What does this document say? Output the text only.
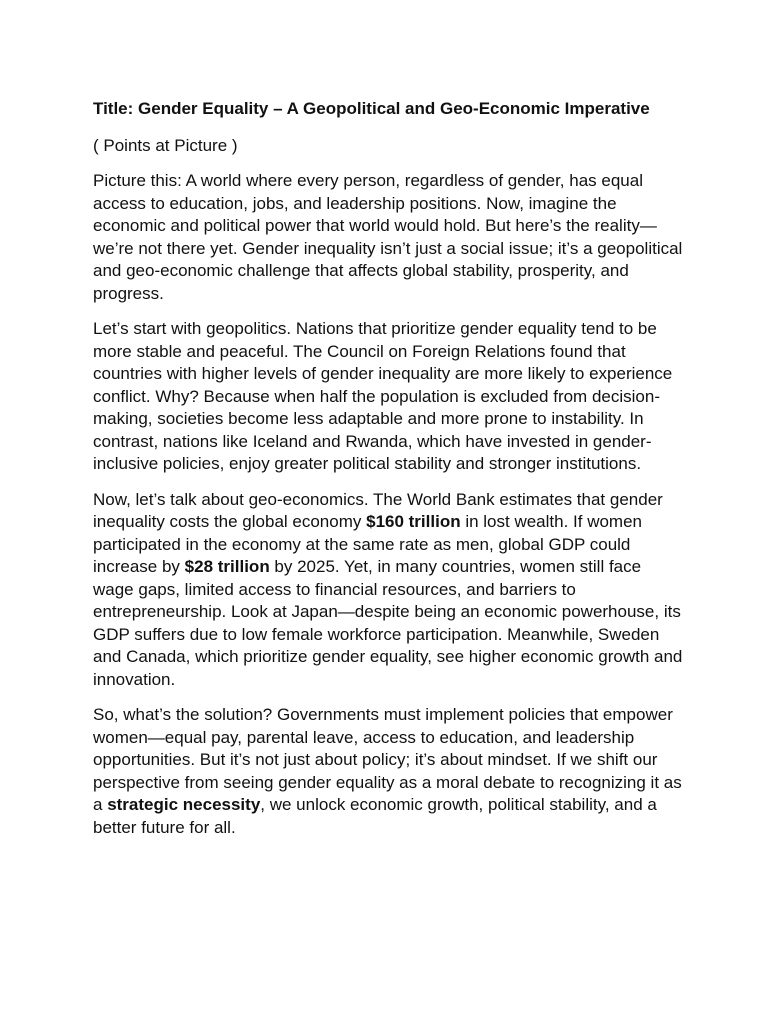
Title: Gender Equality – A Geopolitical and Geo-Economic Imperative

( Points at Picture )

Picture this: A world where every person, regardless of gender, has equal access to education, jobs, and leadership positions. Now, imagine the economic and political power that world would hold. But here’s the reality—we’re not there yet. Gender inequality isn’t just a social issue; it’s a geopolitical and geo-economic challenge that affects global stability, prosperity, and progress.

Let’s start with geopolitics. Nations that prioritize gender equality tend to be more stable and peaceful. The Council on Foreign Relations found that countries with higher levels of gender inequality are more likely to experience conflict. Why? Because when half the population is excluded from decision-making, societies become less adaptable and more prone to instability. In contrast, nations like Iceland and Rwanda, which have invested in gender-inclusive policies, enjoy greater political stability and stronger institutions.

Now, let’s talk about geo-economics. The World Bank estimates that gender inequality costs the global economy $160 trillion in lost wealth. If women participated in the economy at the same rate as men, global GDP could increase by $28 trillion by 2025. Yet, in many countries, women still face wage gaps, limited access to financial resources, and barriers to entrepreneurship. Look at Japan—despite being an economic powerhouse, its GDP suffers due to low female workforce participation. Meanwhile, Sweden and Canada, which prioritize gender equality, see higher economic growth and innovation.

So, what’s the solution? Governments must implement policies that empower women—equal pay, parental leave, access to education, and leadership opportunities. But it’s not just about policy; it’s about mindset. If we shift our perspective from seeing gender equality as a moral debate to recognizing it as a strategic necessity, we unlock economic growth, political stability, and a better future for all.
